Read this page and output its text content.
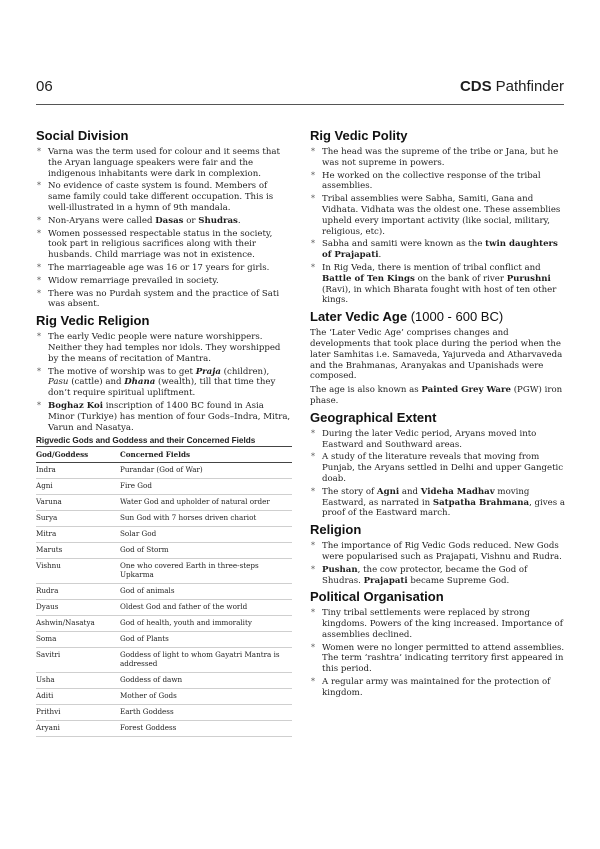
06	CDS Pathfinder
Social Division
* Varna was the term used for colour and it seems that the Aryan language speakers were fair and the indigenous inhabitants were dark in complexion.
* No evidence of caste system is found. Members of same family could take different occupation. This is well-illustrated in a hymn of 9th mandala.
* Non-Aryans were called Dasas or Shudras.
* Women possessed respectable status in the society, took part in religious sacrifices along with their husbands. Child marriage was not in existence.
* The marriageable age was 16 or 17 years for girls.
* Widow remarriage prevailed in society.
* There was no Purdah system and the practice of Sati was absent.
Rig Vedic Religion
* The early Vedic people were nature worshippers. Neither they had temples nor idols. They worshipped by the means of recitation of Mantra.
* The motive of worship was to get Praja (children), Pasu (cattle) and Dhana (wealth), till that time they don’t require spiritual upliftment.
* Boghaz Koi inscription of 1400 BC found in Asia Minor (Turkiye) has mention of four Gods–Indra, Mitra, Varun and Nasatya.
Rigvedic Gods and Goddess and their Concerned Fields
God/Goddess	Concerned Fields
Indra	Purandar (God of War)
Agni	Fire God
Varuna	Water God and upholder of natural order
Surya	Sun God with 7 horses driven chariot
Mitra	Solar God
Maruts	God of Storm
Vishnu	One who covered Earth in three-steps Upkarma
Rudra	God of animals
Dyaus	Oldest God and father of the world
Ashwin/Nasatya	God of health, youth and immorality
Soma	God of Plants
Savitri	Goddess of light to whom Gayatri Mantra is addressed
Usha	Goddess of dawn
Aditi	Mother of Gods
Prithvi	Earth Goddess
Aryani	Forest Goddess
Rig Vedic Polity
* The head was the supreme of the tribe or Jana, but he was not supreme in powers.
* He worked on the collective response of the tribal assemblies.
* Tribal assemblies were Sabha, Samiti, Gana and Vidhata. Vidhata was the oldest one. These assemblies upheld every important activity (like social, military, religious, etc).
* Sabha and samiti were known as the twin daughters of Prajapati.
* In Rig Veda, there is mention of tribal conflict and Battle of Ten Kings on the bank of river Purushni (Ravi), in which Bharata fought with host of ten other kings.
Later Vedic Age (1000 - 600 BC)

The ‘Later Vedic Age’ comprises changes and developments that took place during the period when the later Samhitas i.e. Samaveda, Yajurveda and Atharvaveda and the Brahmanas, Aranyakas and Upanishads were composed.

The age is also known as Painted Grey Ware (PGW) iron phase.

Geographical Extent
* During the later Vedic period, Aryans moved into Eastward and Southward areas.
* A study of the literature reveals that moving from Punjab, the Aryans settled in Delhi and upper Gangetic doab.
* The story of Agni and Videha Madhav moving Eastward, as narrated in Satpatha Brahmana, gives a proof of the Eastward march.
Religion
* The importance of Rig Vedic Gods reduced. New Gods were popularised such as Prajapati, Vishnu and Rudra.
* Pushan, the cow protector, became the God of Shudras. Prajapati became Supreme God.
Political Organisation
* Tiny tribal settlements were replaced by strong kingdoms. Powers of the king increased. Importance of assemblies declined.
* Women were no longer permitted to attend assemblies. The term ‘rashtra’ indicating territory first appeared in this period.
* A regular army was maintained for the protection of kingdom.
